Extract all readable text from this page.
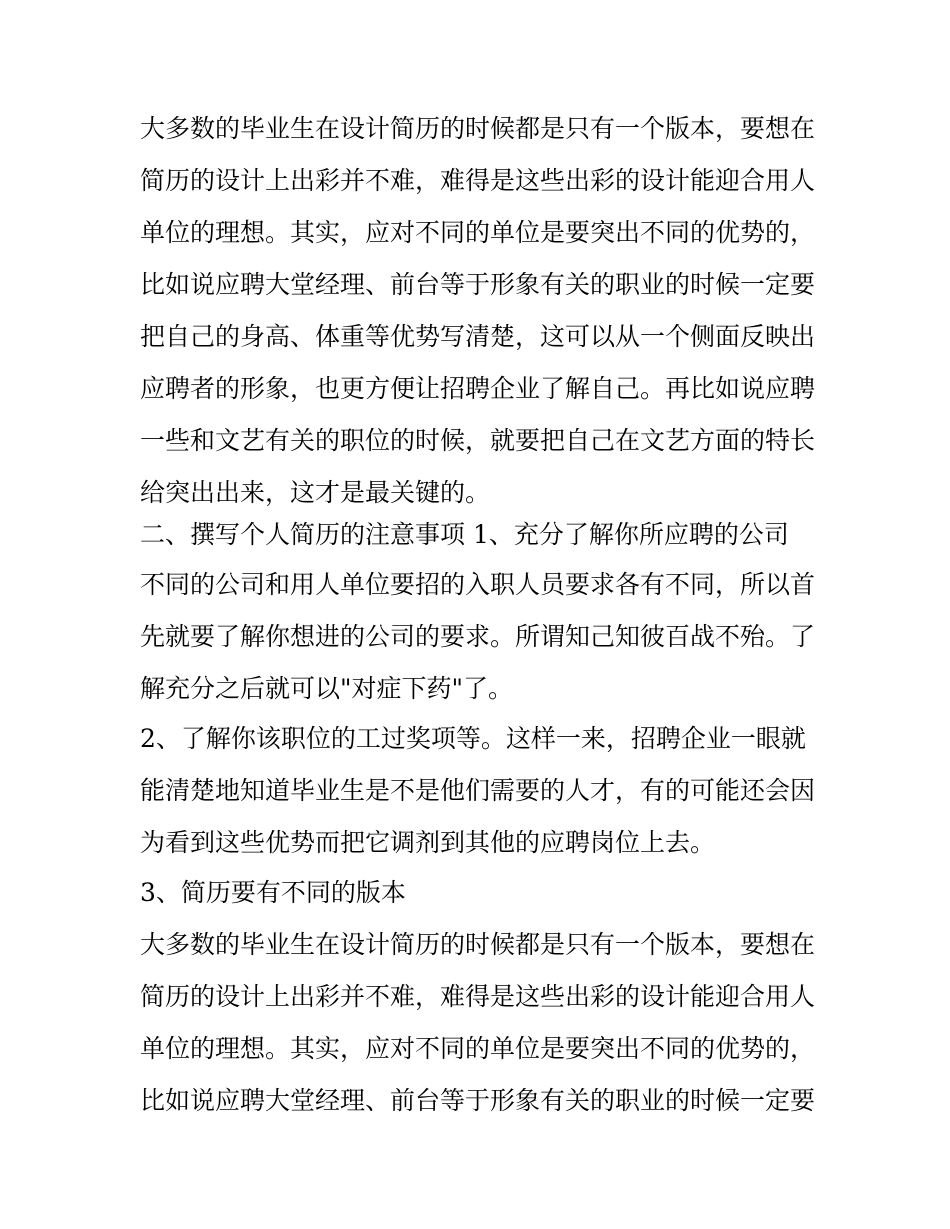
大多数的毕业生在设计简历的时候都是只有一个版本，要想在
简历的设计上出彩并不难，难得是这些出彩的设计能迎合用人
单位的理想。其实，应对不同的单位是要突出不同的优势的，
比如说应聘大堂经理、前台等于形象有关的职业的时候一定要
把自己的身高、体重等优势写清楚，这可以从一个侧面反映出
应聘者的形象，也更方便让招聘企业了解自己。再比如说应聘
一些和文艺有关的职位的时候，就要把自己在文艺方面的特长
给突出出来，这才是最关键的。
二、撰写个人简历的注意事项 1、充分了解你所应聘的公司
不同的公司和用人单位要招的入职人员要求各有不同，所以首
先就要了解你想进的公司的要求。所谓知己知彼百战不殆。了
解充分之后就可以"对症下药"了。
2、了解你该职位的工过奖项等。这样一来，招聘企业一眼就
能清楚地知道毕业生是不是他们需要的人才，有的可能还会因
为看到这些优势而把它调剂到其他的应聘岗位上去。
3、简历要有不同的版本
大多数的毕业生在设计简历的时候都是只有一个版本，要想在
简历的设计上出彩并不难，难得是这些出彩的设计能迎合用人
单位的理想。其实，应对不同的单位是要突出不同的优势的，
比如说应聘大堂经理、前台等于形象有关的职业的时候一定要
